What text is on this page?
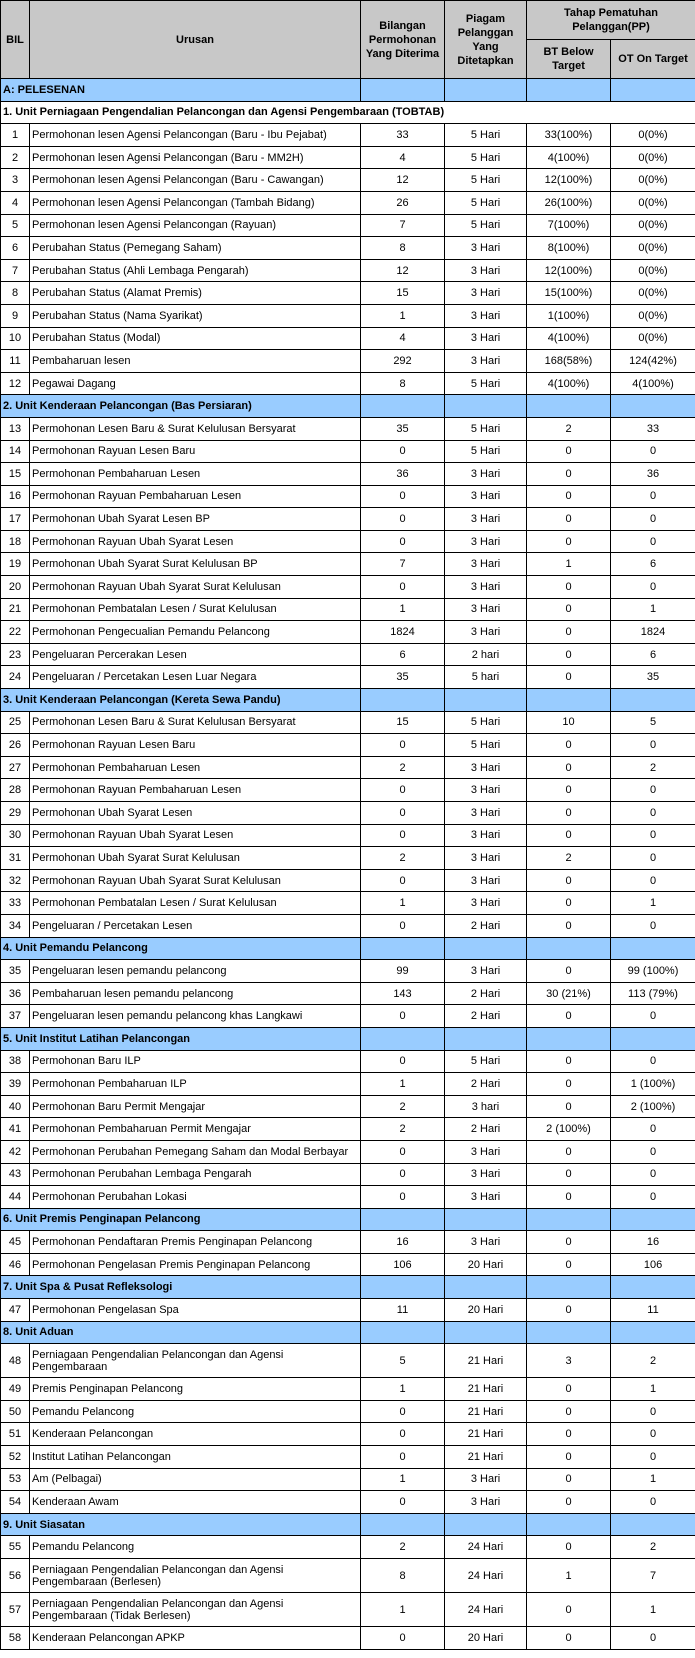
BIL	Urusan	Bilangan Permohonan Yang Diterima	Piagam Pelanggan Yang Ditetapkan	Tahap Pematuhan Pelanggan(PP)	
				BT Below Target	OT On Target
A: PELESENAN					
1. Unit Perniagaan Pengendalian Pelancongan dan Agensi Pengembaraan (TOBTAB)					
1	Permohonan lesen Agensi Pelancongan (Baru - Ibu Pejabat)	33	5 Hari	33(100%)	0(0%)
2	Permohonan lesen Agensi Pelancongan (Baru - MM2H)	4	5 Hari	4(100%)	0(0%)
3	Permohonan lesen Agensi Pelancongan (Baru - Cawangan)	12	5 Hari	12(100%)	0(0%)
4	Permohonan lesen Agensi Pelancongan (Tambah Bidang)	26	5 Hari	26(100%)	0(0%)
5	Permohonan lesen Agensi Pelancongan (Rayuan)	7	5 Hari	7(100%)	0(0%)
6	Perubahan Status (Pemegang Saham)	8	3 Hari	8(100%)	0(0%)
7	Perubahan Status (Ahli Lembaga Pengarah)	12	3 Hari	12(100%)	0(0%)
8	Perubahan Status (Alamat Premis)	15	3 Hari	15(100%)	0(0%)
9	Perubahan Status (Nama Syarikat)	1	3 Hari	1(100%)	0(0%)
10	Perubahan Status (Modal)	4	3 Hari	4(100%)	0(0%)
11	Pembaharuan lesen	292	3 Hari	168(58%)	124(42%)
12	Pegawai Dagang	8	5 Hari	4(100%)	4(100%)
2. Unit Kenderaan Pelancongan (Bas Persiaran)					
13	Permohonan Lesen Baru & Surat Kelulusan Bersyarat	35	5 Hari	2	33
14	Permohonan Rayuan Lesen Baru	0	5 Hari	0	0
15	Permohonan Pembaharuan Lesen	36	3 Hari	0	36
16	Permohonan Rayuan Pembaharuan Lesen	0	3 Hari	0	0
17	Permohonan Ubah Syarat Lesen BP	0	3 Hari	0	0
18	Permohonan Rayuan Ubah Syarat Lesen	0	3 Hari	0	0
19	Permohonan Ubah Syarat Surat Kelulusan BP	7	3 Hari	1	6
20	Permohonan Rayuan Ubah Syarat Surat Kelulusan	0	3 Hari	0	0
21	Permohonan Pembatalan Lesen / Surat Kelulusan	1	3 Hari	0	1
22	Permohonan Pengecualian Pemandu Pelancong	1824	3 Hari	0	1824
23	Pengeluaran Percerakan Lesen	6	2 hari	0	6
24	Pengeluaran / Percetakan Lesen Luar Negara	35	5 hari	0	35
3. Unit Kenderaan Pelancongan (Kereta Sewa Pandu)					
25	Permohonan Lesen Baru & Surat Kelulusan Bersyarat	15	5 Hari	10	5
26	Permohonan Rayuan Lesen Baru	0	5 Hari	0	0
27	Permohonan Pembaharuan Lesen	2	3 Hari	0	2
28	Permohonan Rayuan Pembaharuan Lesen	0	3 Hari	0	0
29	Permohonan Ubah Syarat Lesen	0	3 Hari	0	0
30	Permohonan Rayuan Ubah Syarat Lesen	0	3 Hari	0	0
31	Permohonan Ubah Syarat Surat Kelulusan	2	3 Hari	2	0
32	Permohonan Rayuan Ubah Syarat Surat Kelulusan	0	3 Hari	0	0
33	Permohonan Pembatalan Lesen / Surat Kelulusan	1	3 Hari	0	1
34	Pengeluaran / Percetakan Lesen	0	2 Hari	0	0
4. Unit Pemandu Pelancong					
35	Pengeluaran lesen pemandu pelancong	99	3 Hari	0	99 (100%)
36	Pembaharuan lesen pemandu pelancong	143	2 Hari	30 (21%)	113 (79%)
37	Pengeluaran lesen pemandu pelancong khas Langkawi	0	2 Hari	0	0
5. Unit Institut Latihan Pelancongan					
38	Permohonan Baru ILP	0	5 Hari	0	0
39	Permohonan Pembaharuan ILP	1	2 Hari	0	1 (100%)
40	Permohonan Baru Permit Mengajar	2	3 hari	0	2 (100%)
41	Permohonan Pembaharuan Permit Mengajar	2	2 Hari	2 (100%)	0
42	Permohonan Perubahan Pemegang Saham dan Modal Berbayar	0	3 Hari	0	0
43	Permohonan Perubahan Lembaga Pengarah	0	3 Hari	0	0
44	Permohonan Perubahan Lokasi	0	3 Hari	0	0
6. Unit Premis Penginapan Pelancong					
45	Permohonan Pendaftaran Premis Penginapan Pelancong	16	3 Hari	0	16
46	Permohonan Pengelasan Premis Penginapan Pelancong	106	20 Hari	0	106
7. Unit Spa & Pusat Refleksologi					
47	Permohonan Pengelasan Spa	11	20 Hari	0	11
8. Unit Aduan					
48	Perniagaan Pengendalian Pelancongan dan Agensi Pengembaraan	5	21 Hari	3	2
49	Premis Penginapan Pelancong	1	21 Hari	0	1
50	Pemandu Pelancong	0	21 Hari	0	0
51	Kenderaan Pelancongan	0	21 Hari	0	0
52	Institut Latihan Pelancongan	0	21 Hari	0	0
53	Am (Pelbagai)	1	3 Hari	0	1
54	Kenderaan Awam	0	3 Hari	0	0
9. Unit Siasatan					
55	Pemandu Pelancong	2	24 Hari	0	2
56	Perniagaan Pengendalian Pelancongan dan Agensi Pengembaraan (Berlesen)	8	24 Hari	1	7
57	Perniagaan Pengendalian Pelancongan dan Agensi Pengembaraan (Tidak Berlesen)	1	24 Hari	0	1
58	Kenderaan Pelancongan APKP	0	20 Hari	0	0
